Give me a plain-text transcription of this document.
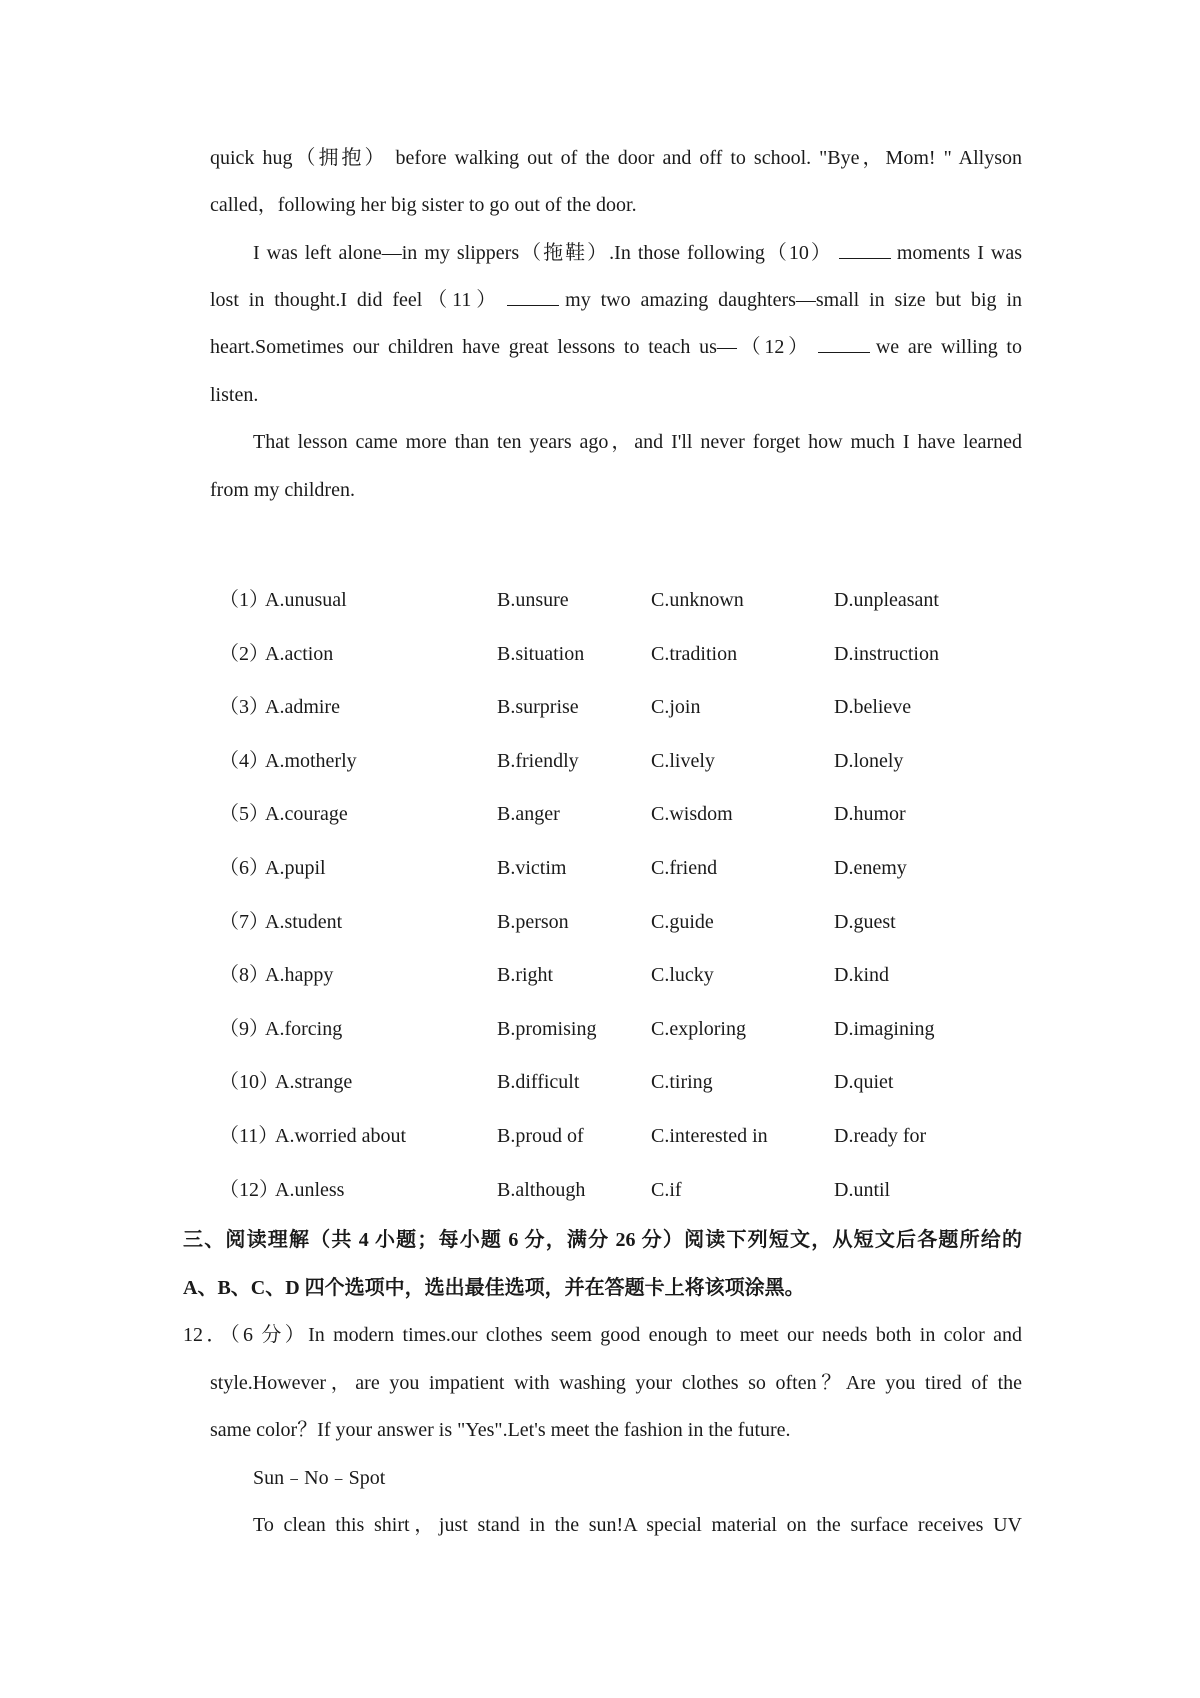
quick hug（拥抱） before walking out of the door and off to school. "Bye，Mom! " Allyson

called，following her big sister to go out of the door.

I was left alone—in my slippers（拖鞋）.In those following（10）	moments I was

lost in thought.I did feel（11）	my two amazing daughters—small in size but big in

heart.Sometimes our children have great lessons to teach us—（12）	we are willing to

listen.

That lesson came more than ten years ago，and I'll never forget how much I have learned

from my children.

（1）
A.unusual	B.unsure	C.unknown	D.unpleasant
（2）
A.action	B.situation	C.tradition	D.instruction
（3）
A.admire	B.surprise	C.join	D.believe
（4）
A.motherly	B.friendly	C.lively	D.lonely
（5）
A.courage	B.anger	C.wisdom	D.humor
（6）
A.pupil	B.victim	C.friend	D.enemy
（7）
A.student	B.person	C.guide	D.guest
（8）
A.happy	B.right	C.lucky	D.kind
（9）
A.forcing	B.promising	C.exploring	D.imagining
（10）
A.strange	B.difficult	C.tiring	D.quiet
（11）
A.worried about	B.proud of	C.interested in	D.ready for
（12）
A.unless	B.although	C.if	D.until

三、阅读理解（共 4 小题；每小题 6 分，满分 26 分）阅读下列短文，从短文后各题所给的

A、B、C、D 四个选项中，选出最佳选项，并在答题卡上将该项涂黑。

12．（6 分）In modern times.our clothes seem good enough to meet our needs both in color and

style.However，are you impatient with washing your clothes so often？Are you tired of the

same color？If your answer is "Yes".Let's meet the fashion in the future.

Sun﹣No﹣Spot

To clean this shirt，just stand in the sun!A special material on the surface receives UV
